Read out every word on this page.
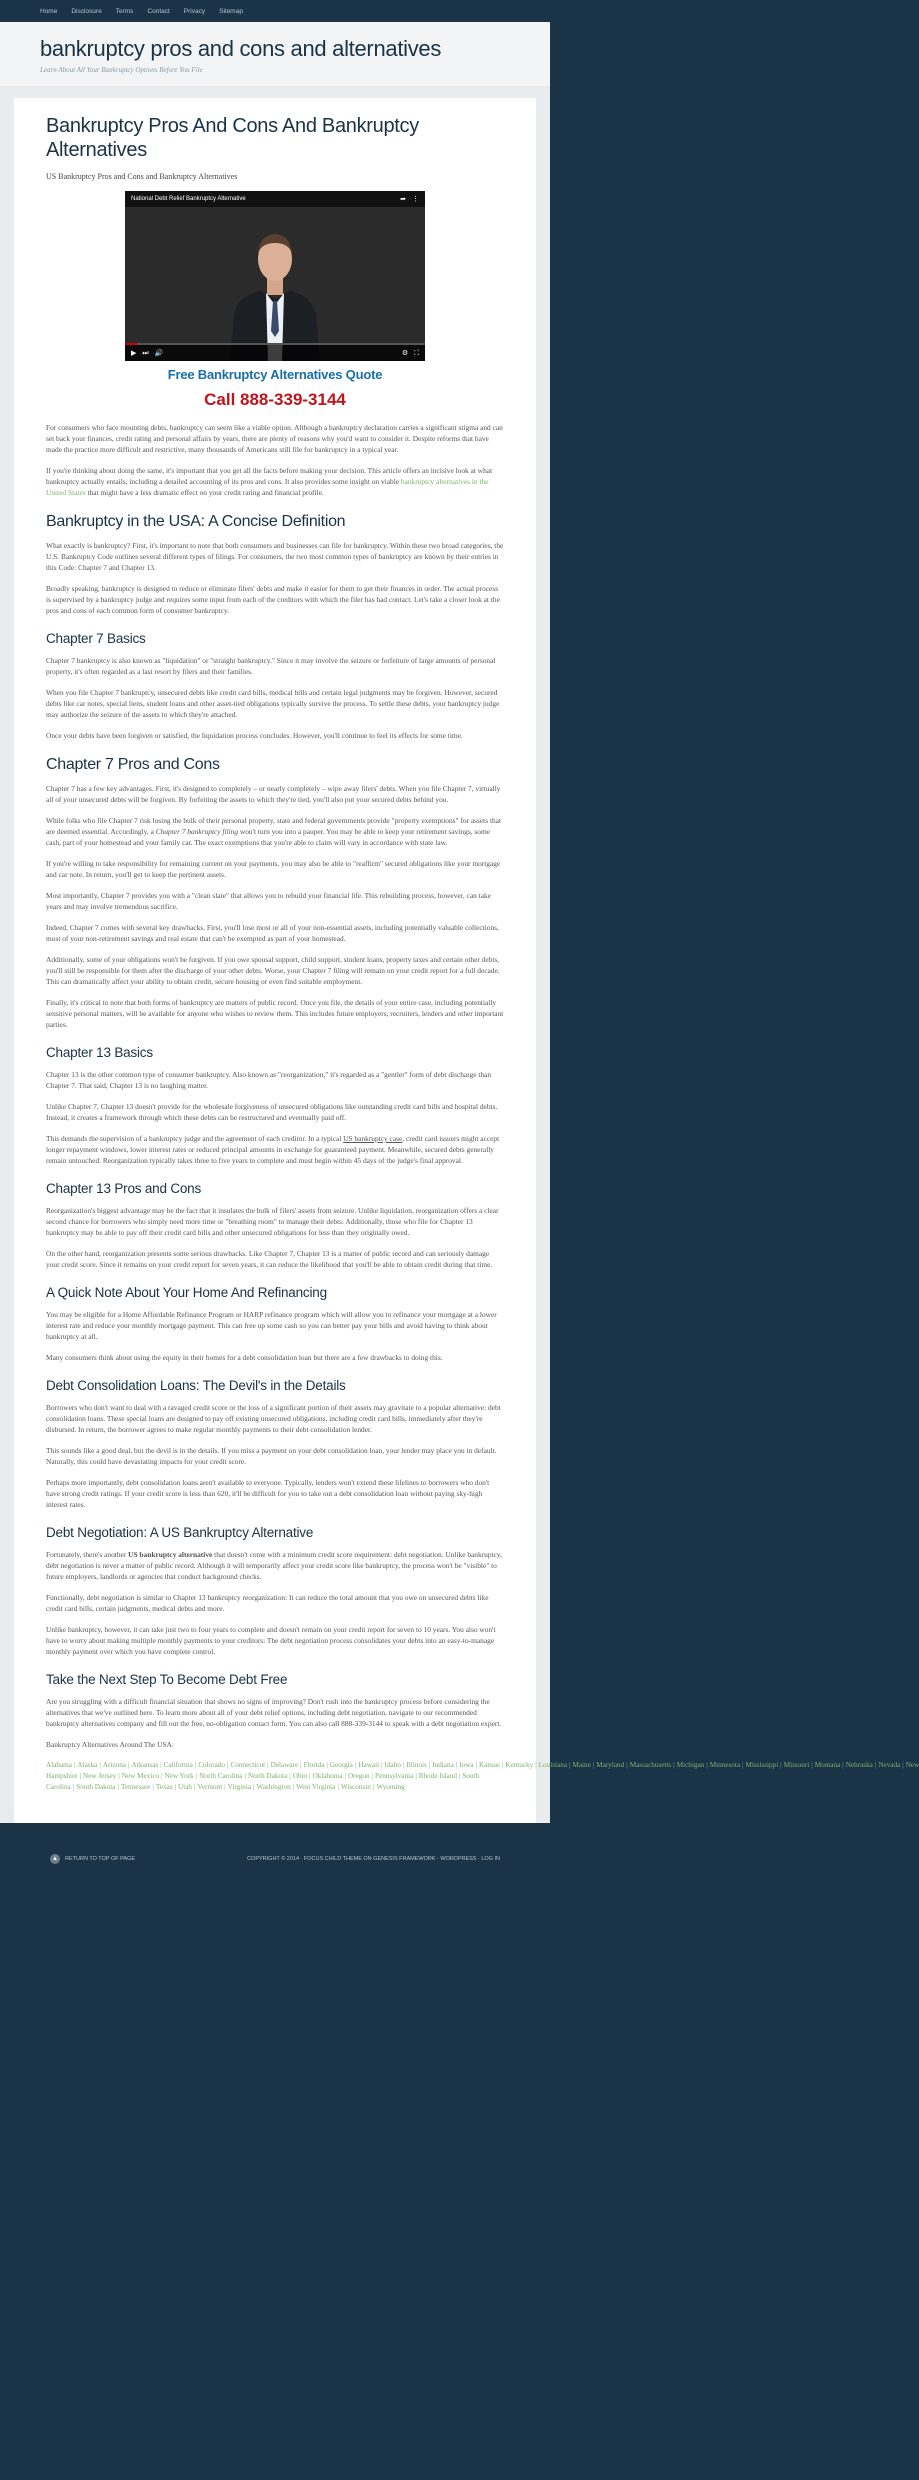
Home Disclosure Terms Contact Privacy Sitemap
bankruptcy pros and cons and alternatives
Learn About All Your Bankruptcy Options Before You File
Bankruptcy Pros And Cons And Bankruptcy Alternatives
US Bankruptcy Pros and Cons and Bankruptcy Alternatives
National Debt Relief Bankruptcy Alternative	➦ ⋮
▶ ⏭ 🔊	⚙ ⛶
Free Bankruptcy Alternatives Quote
Call 888-339-3144

For consumers who face mounting debts, bankruptcy can seem like a viable option. Although a bankruptcy declaration carries a significant stigma and can set back your finances, credit rating and personal affairs by years, there are plenty of reasons why you'd want to consider it. Despite reforms that have made the practice more difficult and restrictive, many thousands of Americans still file for bankruptcy in a typical year.

If you're thinking about doing the same, it's important that you get all the facts before making your decision. This article offers an incisive look at what bankruptcy actually entails, including a detailed accounting of its pros and cons. It also provides some insight on viable bankruptcy alternatives in the United States that might have a less dramatic effect on your credit rating and financial profile.

Bankruptcy in the USA: A Concise Definition

What exactly is bankruptcy? First, it's important to note that both consumers and businesses can file for bankruptcy. Within these two broad categories, the U.S. Bankruptcy Code outlines several different types of filings. For consumers, the two most common types of bankruptcy are known by their entries in this Code: Chapter 7 and Chapter 13.

Broadly speaking, bankruptcy is designed to reduce or eliminate filers' debts and make it easier for them to get their finances in order. The actual process is supervised by a bankruptcy judge and requires some input from each of the creditors with which the filer has had contact. Let's take a closer look at the pros and cons of each common form of consumer bankruptcy.

Chapter 7 Basics

Chapter 7 bankruptcy is also known as "liquidation" or "straight bankruptcy." Since it may involve the seizure or forfeiture of large amounts of personal property, it's often regarded as a last resort by filers and their families.

When you file Chapter 7 bankruptcy, unsecured debts like credit card bills, medical bills and certain legal judgments may be forgiven. However, secured debts like car notes, special liens, student loans and other asset-tied obligations typically survive the process. To settle these debts, your bankruptcy judge may authorize the seizure of the assets to which they're attached.

Once your debts have been forgiven or satisfied, the liquidation process concludes. However, you'll continue to feel its effects for some time.

Chapter 7 Pros and Cons

Chapter 7 has a few key advantages. First, it's designed to completely – or nearly completely – wipe away filers' debts. When you file Chapter 7, virtually all of your unsecured debts will be forgiven. By forfeiting the assets to which they're tied, you'll also put your secured debts behind you.

While folks who file Chapter 7 risk losing the bulk of their personal property, state and federal governments provide "property exemptions" for assets that are deemed essential. Accordingly, a Chapter 7 bankruptcy filing won't turn you into a pauper. You may be able to keep your retirement savings, some cash, part of your homestead and your family car. The exact exemptions that you're able to claim will vary in accordance with state law.

If you're willing to take responsibility for remaining current on your payments, you may also be able to "reaffirm" secured obligations like your mortgage and car note. In return, you'll get to keep the pertinent assets.

Most importantly, Chapter 7 provides you with a "clean slate" that allows you to rebuild your financial life. This rebuilding process, however, can take years and may involve tremendous sacrifice.

Indeed, Chapter 7 comes with several key drawbacks. First, you'll lose most or all of your non-essential assets, including potentially valuable collections, most of your non-retirement savings and real estate that can't be exempted as part of your homestead.

Additionally, some of your obligations won't be forgiven. If you owe spousal support, child support, student loans, property taxes and certain other debts, you'll still be responsible for them after the discharge of your other debts. Worse, your Chapter 7 filing will remain on your credit report for a full decade. This can dramatically affect your ability to obtain credit, secure housing or even find suitable employment.

Finally, it's critical to note that both forms of bankruptcy are matters of public record. Once you file, the details of your entire case, including potentially sensitive personal matters, will be available for anyone who wishes to review them. This includes future employers, recruiters, lenders and other important parties.

Chapter 13 Basics

Chapter 13 is the other common type of consumer bankruptcy. Also known as "reorganization," it's regarded as a "gentler" form of debt discharge than Chapter 7. That said, Chapter 13 is no laughing matter.

Unlike Chapter 7, Chapter 13 doesn't provide for the wholesale forgiveness of unsecured obligations like outstanding credit card bills and hospital debts. Instead, it creates a framework through which these debts can be restructured and eventually paid off.

This demands the supervision of a bankruptcy judge and the agreement of each creditor. In a typical US bankruptcy case, credit card issuers might accept longer repayment windows, lower interest rates or reduced principal amounts in exchange for guaranteed payment. Meanwhile, secured debts generally remain untouched. Reorganization typically takes three to five years to complete and must begin within 45 days of the judge's final approval.

Chapter 13 Pros and Cons

Reorganization's biggest advantage may be the fact that it insulates the bulk of filers' assets from seizure. Unlike liquidation, reorganization offers a clear second chance for borrowers who simply need more time or "breathing room" to manage their debts. Additionally, those who file for Chapter 13 bankruptcy may be able to pay off their credit card bills and other unsecured obligations for less than they originally owed.

On the other hand, reorganization presents some serious drawbacks. Like Chapter 7, Chapter 13 is a matter of public record and can seriously damage your credit score. Since it remains on your credit report for seven years, it can reduce the likelihood that you'll be able to obtain credit during that time.

A Quick Note About Your Home And Refinancing

You may be eligible for a Home Affordable Refinance Program or HARP refinance program which will allow you to refinance your mortgage at a lower interest rate and reduce your monthly mortgage payment. This can free up some cash so you can better pay your bills and avoid having to think about bankruptcy at all.

Many consumers think about using the equity in their homes for a debt consolidation loan but there are a few drawbacks to doing this.

Debt Consolidation Loans: The Devil's in the Details

Borrowers who don't want to deal with a ravaged credit score or the loss of a significant portion of their assets may gravitate to a popular alternative: debt consolidation loans. These special loans are designed to pay off existing unsecured obligations, including credit card bills, immediately after they're disbursed. In return, the borrower agrees to make regular monthly payments to their debt consolidation lender.

This sounds like a good deal, but the devil is in the details. If you miss a payment on your debt consolidation loan, your lender may place you in default. Naturally, this could have devastating impacts for your credit score.

Perhaps more importantly, debt consolidation loans aren't available to everyone. Typically, lenders won't extend these lifelines to borrowers who don't have strong credit ratings. If your credit score is less than 620, it'll be difficult for you to take out a debt consolidation loan without paying sky-high interest rates.

Debt Negotiation: A US Bankruptcy Alternative

Fortunately, there's another US bankruptcy alternative that doesn't come with a minimum credit score requirement: debt negotiation. Unlike bankruptcy, debt negotiation is never a matter of public record. Although it will temporarily affect your credit score like bankruptcy, the process won't be "visible" to future employers, landlords or agencies that conduct background checks.

Functionally, debt negotiation is similar to Chapter 13 bankruptcy reorganization: It can reduce the total amount that you owe on unsecured debts like credit card bills, certain judgments, medical debts and more.

Unlike bankruptcy, however, it can take just two to four years to complete and doesn't remain on your credit report for seven to 10 years. You also won't have to worry about making multiple monthly payments to your creditors: The debt negotiation process consolidates your debts into an easy-to-manage monthly payment over which you have complete control.

Take the Next Step To Become Debt Free

Are you struggling with a difficult financial situation that shows no signs of improving? Don't rush into the bankruptcy process before considering the alternatives that we've outlined here. To learn more about all of your debt relief options, including debt negotiation, navigate to our recommended bankruptcy alternatives company and fill out the free, no-obligation contact form. You can also call 888-339-3144 to speak with a debt negotiation expert.

Bankruptcy Alternatives Around The USA:

Alabama | Alaska | Arizona | Arkansas | California | Colorado | Connecticut | Delaware | Florida | Georgia | Hawaii | Idaho | Illinois | Indiana | Iowa | Kansas | Kentucky | Louisiana | Maine | Maryland | Massachusetts | Michigan | Minnesota | Mississippi | Missouri | Montana | Nebraska | Nevada | New Hampshire | New Jersey | New Mexico | New York | North Carolina | North Dakota | Ohio | Oklahoma | Oregon | Pennsylvania | Rhode Island | South Carolina | South Dakota | Tennessee | Texas | Utah | Vermont | Virginia | Washington | West Virginia | Wisconsin | Wyoming
▲	RETURN TO TOP OF PAGE	COPYRIGHT © 2014 · FOCUS CHILD THEME ON GENESIS FRAMEWORK · WORDPRESS · LOG IN
